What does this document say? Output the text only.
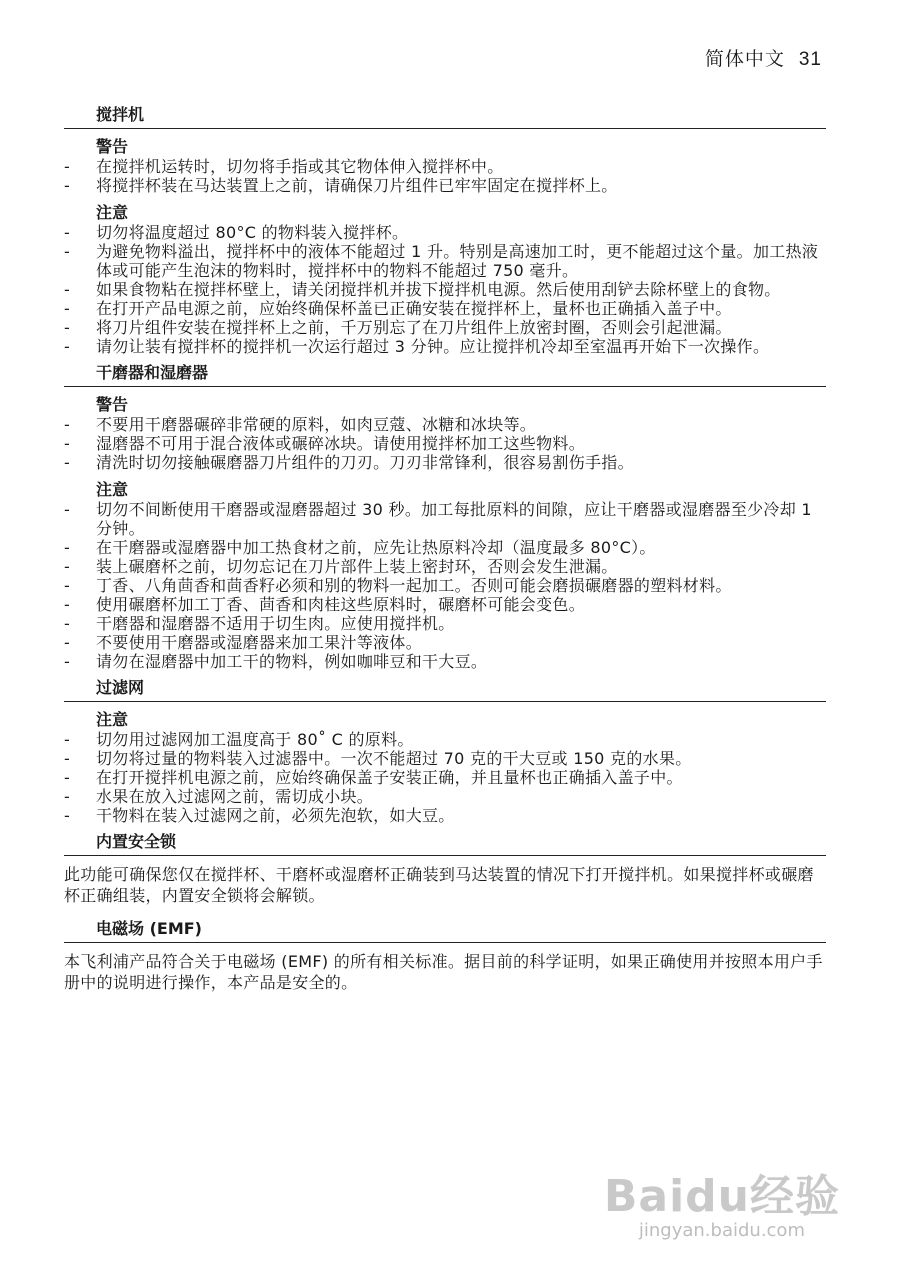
简体中文 31
搅拌机
警告
- 在搅拌机运转时，切勿将手指或其它物体伸入搅拌杯中。
- 将搅拌杯装在马达装置上之前，请确保刀片组件已牢牢固定在搅拌杯上。
注意
- 切勿将温度超过 80°C 的物料装入搅拌杯。
- 为避免物料溢出，搅拌杯中的液体不能超过 1 升。特别是高速加工时，更不能超过这个量。加工热液体或可能产生泡沫的物料时，搅拌杯中的物料不能超过 750 毫升。
- 如果食物粘在搅拌杯壁上，请关闭搅拌机并拔下搅拌机电源。然后使用刮铲去除杯壁上的食物。
- 在打开产品电源之前，应始终确保杯盖已正确安装在搅拌杯上，量杯也正确插入盖子中。
- 将刀片组件安装在搅拌杯上之前，千万别忘了在刀片组件上放密封圈，否则会引起泄漏。
- 请勿让装有搅拌杯的搅拌机一次运行超过 3 分钟。应让搅拌机冷却至室温再开始下一次操作。
干磨器和湿磨器
警告
- 不要用干磨器碾碎非常硬的原料，如肉豆蔻、冰糖和冰块等。
- 湿磨器不可用于混合液体或碾碎冰块。请使用搅拌杯加工这些物料。
- 清洗时切勿接触碾磨器刀片组件的刀刃。刀刃非常锋利，很容易割伤手指。
注意
- 切勿不间断使用干磨器或湿磨器超过 30 秒。加工每批原料的间隙，应让干磨器或湿磨器至少冷却 1 分钟。
- 在干磨器或湿磨器中加工热食材之前，应先让热原料冷却（温度最多 80°C）。
- 装上碾磨杯之前，切勿忘记在刀片部件上装上密封环，否则会发生泄漏。
- 丁香、八角茴香和茴香籽必须和别的物料一起加工。否则可能会磨损碾磨器的塑料材料。
- 使用碾磨杯加工丁香、茴香和肉桂这些原料时，碾磨杯可能会变色。
- 干磨器和湿磨器不适用于切生肉。应使用搅拌机。
- 不要使用干磨器或湿磨器来加工果汁等液体。
- 请勿在湿磨器中加工干的物料，例如咖啡豆和干大豆。
过滤网
注意
- 切勿用过滤网加工温度高于 80˚ C 的原料。
- 切勿将过量的物料装入过滤器中。一次不能超过 70 克的干大豆或 150 克的水果。
- 在打开搅拌机电源之前，应始终确保盖子安装正确，并且量杯也正确插入盖子中。
- 水果在放入过滤网之前，需切成小块。
- 干物料在装入过滤网之前，必须先泡软，如大豆。
内置安全锁

此功能可确保您仅在搅拌杯、干磨杯或湿磨杯正确装到马达装置的情况下打开搅拌机。如果搅拌杯或碾磨杯正确组装，内置安全锁将会解锁。

电磁场 (EMF)

本飞利浦产品符合关于电磁场 (EMF) 的所有相关标准。据目前的科学证明，如果正确使用并按照本用户手册中的说明进行操作，本产品是安全的。

Baidu经验
jingyan.baidu.com
